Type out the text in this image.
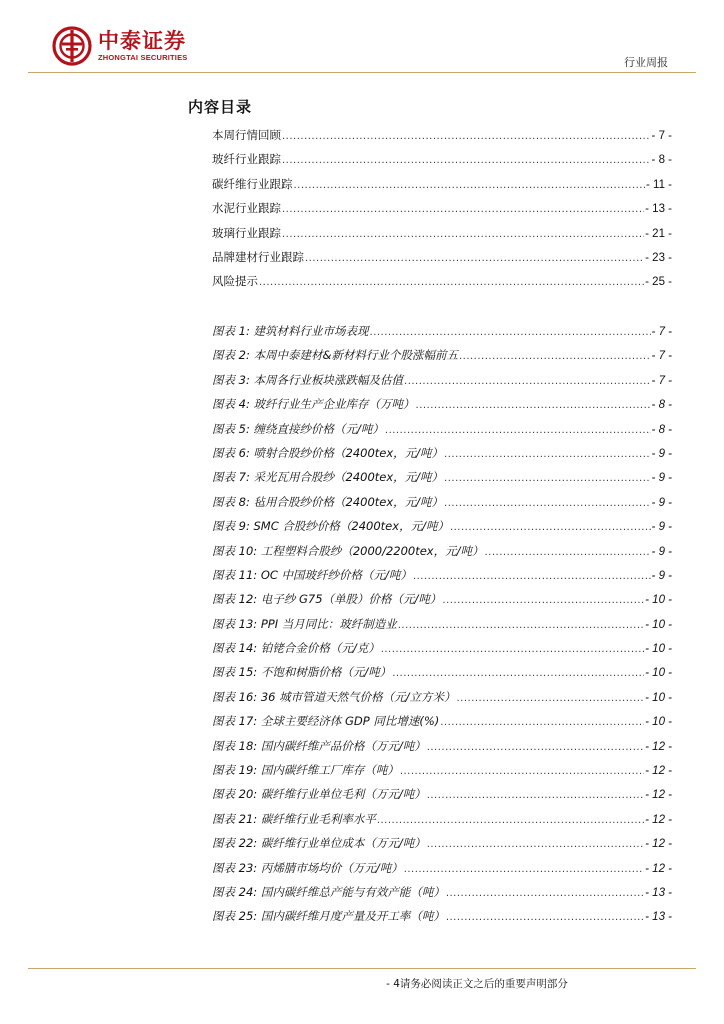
中泰证券
ZHONGTAI SECURITIES	行业周报
内容目录
本周行情回顾 .....	- 7 -
玻纤行业跟踪 .....	- 8 -
碳纤维行业跟踪 .....	- 11 -
水泥行业跟踪 .....	- 13 -
玻璃行业跟踪 .....	- 21 -
品牌建材行业跟踪 .....	- 23 -
风险提示 .....	- 25 -
图表 1: 建筑材料行业市场表现 .....	- 7 -
图表 2: 本周中泰建材&新材料行业个股涨幅前五 .....	- 7 -
图表 3: 本周各行业板块涨跌幅及估值 .....	- 7 -
图表 4: 玻纤行业生产企业库存（万吨） .....	- 8 -
图表 5: 缠绕直接纱价格（元/吨） .....	- 8 -
图表 6: 喷射合股纱价格（2400tex，元/吨） .....	- 9 -
图表 7: 采光瓦用合股纱（2400tex，元/吨） .....	- 9 -
图表 8: 毡用合股纱价格（2400tex，元/吨） .....	- 9 -
图表 9: SMC 合股纱价格（2400tex，元/吨） .....	- 9 -
图表 10: 工程塑料合股纱（2000/2200tex，元/吨） .....	- 9 -
图表 11: OC 中国玻纤纱价格（元/吨） .....	- 9 -
图表 12: 电子纱 G75（单股）价格（元/吨） .....	- 10 -
图表 13: PPI 当月同比：玻纤制造业 .....	- 10 -
图表 14: 铂铑合金价格（元/克） .....	- 10 -
图表 15: 不饱和树脂价格（元/吨） .....	- 10 -
图表 16: 36 城市管道天然气价格（元/立方米） .....	- 10 -
图表 17: 全球主要经济体 GDP 同比增速(%) .....	- 10 -
图表 18: 国内碳纤维产品价格（万元/吨） .....	- 12 -
图表 19: 国内碳纤维工厂库存（吨） .....	- 12 -
图表 20: 碳纤维行业单位毛利（万元/吨） .....	- 12 -
图表 21: 碳纤维行业毛利率水平 .....	- 12 -
图表 22: 碳纤维行业单位成本（万元/吨） .....	- 12 -
图表 23: 丙烯腈市场均价（万元/吨） .....	- 12 -
图表 24: 国内碳纤维总产能与有效产能（吨） .....	- 13 -
图表 25: 国内碳纤维月度产量及开工率（吨） .....	- 13 -
- 4请务必阅读正文之后的重要声明部分
